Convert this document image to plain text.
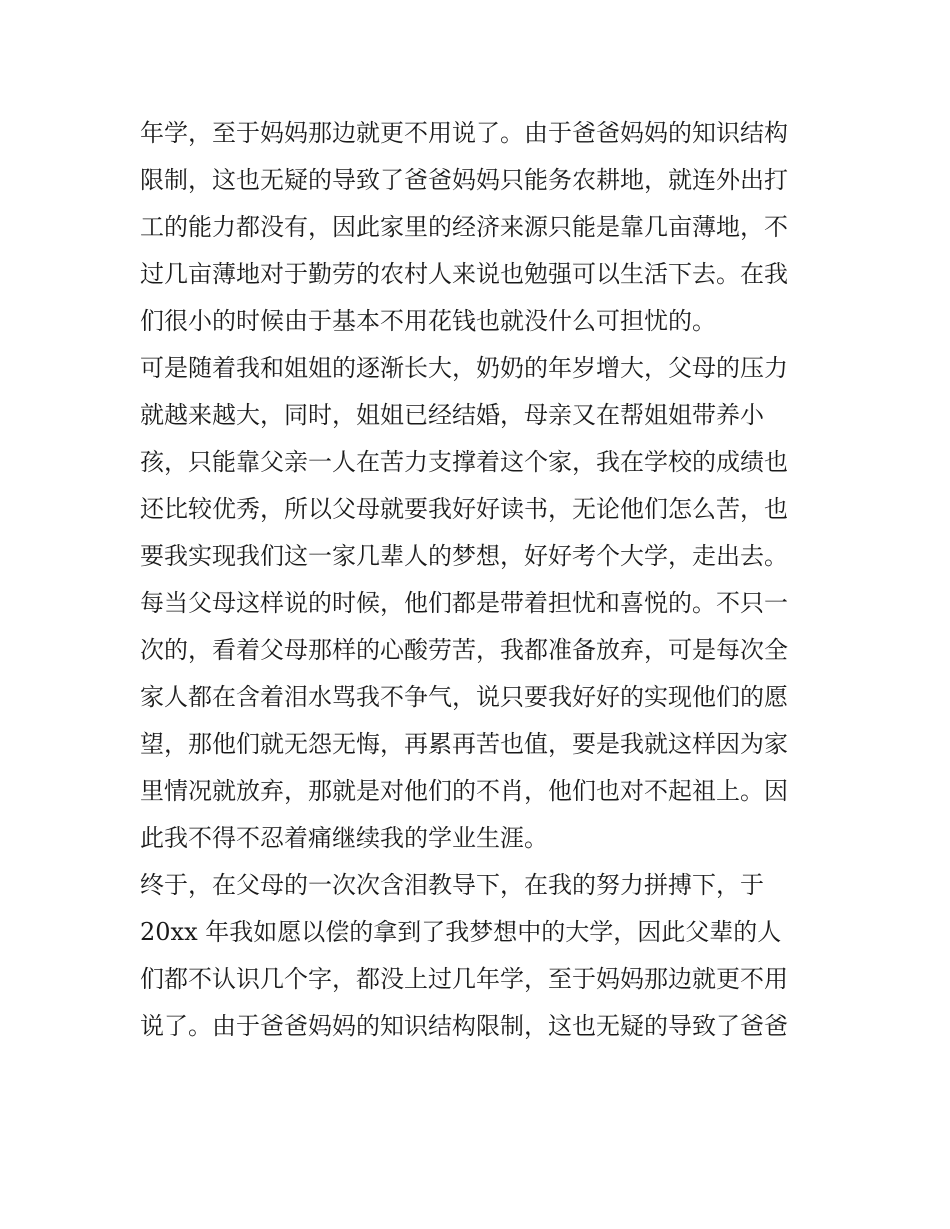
年学，至于妈妈那边就更不用说了。由于爸爸妈妈的知识结构
限制，这也无疑的导致了爸爸妈妈只能务农耕地，就连外出打
工的能力都没有，因此家里的经济来源只能是靠几亩薄地，不
过几亩薄地对于勤劳的农村人来说也勉强可以生活下去。在我
们很小的时候由于基本不用花钱也就没什么可担忧的。
可是随着我和姐姐的逐渐长大，奶奶的年岁增大，父母的压力
就越来越大，同时，姐姐已经结婚，母亲又在帮姐姐带养小
孩，只能靠父亲一人在苦力支撑着这个家，我在学校的成绩也
还比较优秀，所以父母就要我好好读书，无论他们怎么苦，也
要我实现我们这一家几辈人的梦想，好好考个大学，走出去。
每当父母这样说的时候，他们都是带着担忧和喜悦的。不只一
次的，看着父母那样的心酸劳苦，我都准备放弃，可是每次全
家人都在含着泪水骂我不争气，说只要我好好的实现他们的愿
望，那他们就无怨无悔，再累再苦也值，要是我就这样因为家
里情况就放弃，那就是对他们的不肖，他们也对不起祖上。因
此我不得不忍着痛继续我的学业生涯。
终于，在父母的一次次含泪教导下，在我的努力拼搏下，于
20xx 年我如愿以偿的拿到了我梦想中的大学，因此父辈的人
们都不认识几个字，都没上过几年学，至于妈妈那边就更不用
说了。由于爸爸妈妈的知识结构限制，这也无疑的导致了爸爸
